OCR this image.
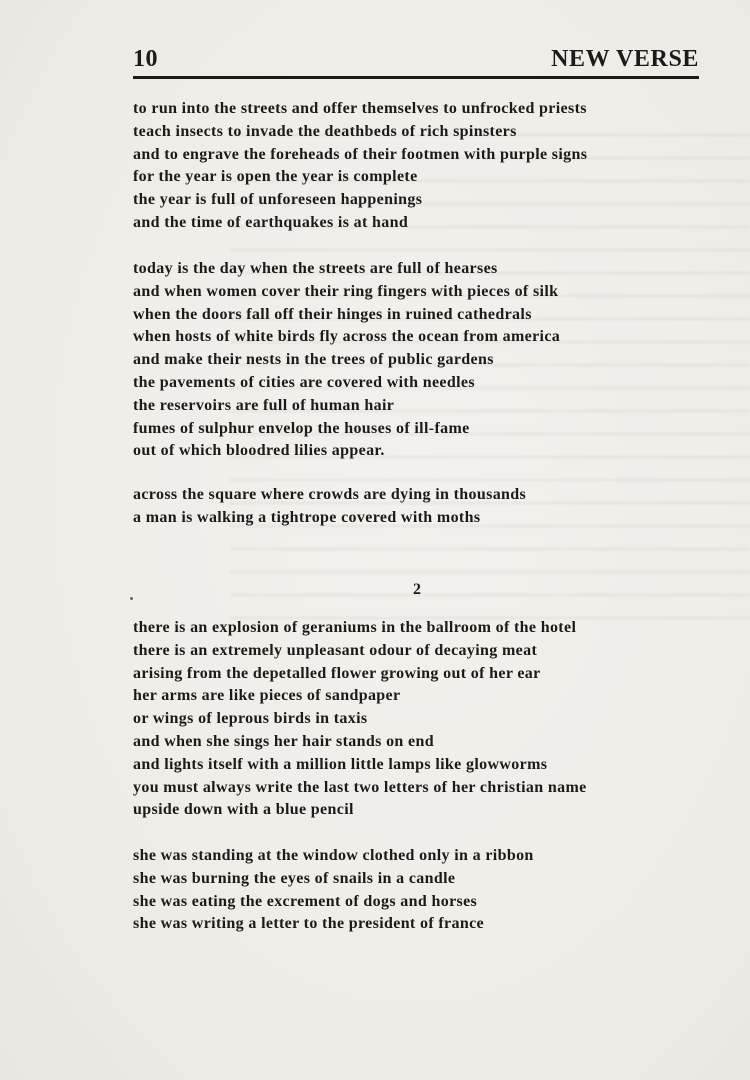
10	NEW VERSE
to run into the streets and offer themselves to unfrocked priests
teach insects to invade the deathbeds of rich spinsters
and to engrave the foreheads of their footmen with purple signs
for the year is open the year is complete
the year is full of unforeseen happenings
and the time of earthquakes is at hand
today is the day when the streets are full of hearses
and when women cover their ring fingers with pieces of silk
when the doors fall off their hinges in ruined cathedrals
when hosts of white birds fly across the ocean from america
and make their nests in the trees of public gardens
the pavements of cities are covered with needles
the reservoirs are full of human hair
fumes of sulphur envelop the houses of ill-fame
out of which bloodred lilies appear.
across the square where crowds are dying in thousands
a man is walking a tightrope covered with moths
2
there is an explosion of geraniums in the ballroom of the hotel
there is an extremely unpleasant odour of decaying meat
arising from the depetalled flower growing out of her ear
her arms are like pieces of sandpaper
or wings of leprous birds in taxis
and when she sings her hair stands on end
and lights itself with a million little lamps like glowworms
you must always write the last two letters of her christian name
upside down with a blue pencil
she was standing at the window clothed only in a ribbon
she was burning the eyes of snails in a candle
she was eating the excrement of dogs and horses
she was writing a letter to the president of france
